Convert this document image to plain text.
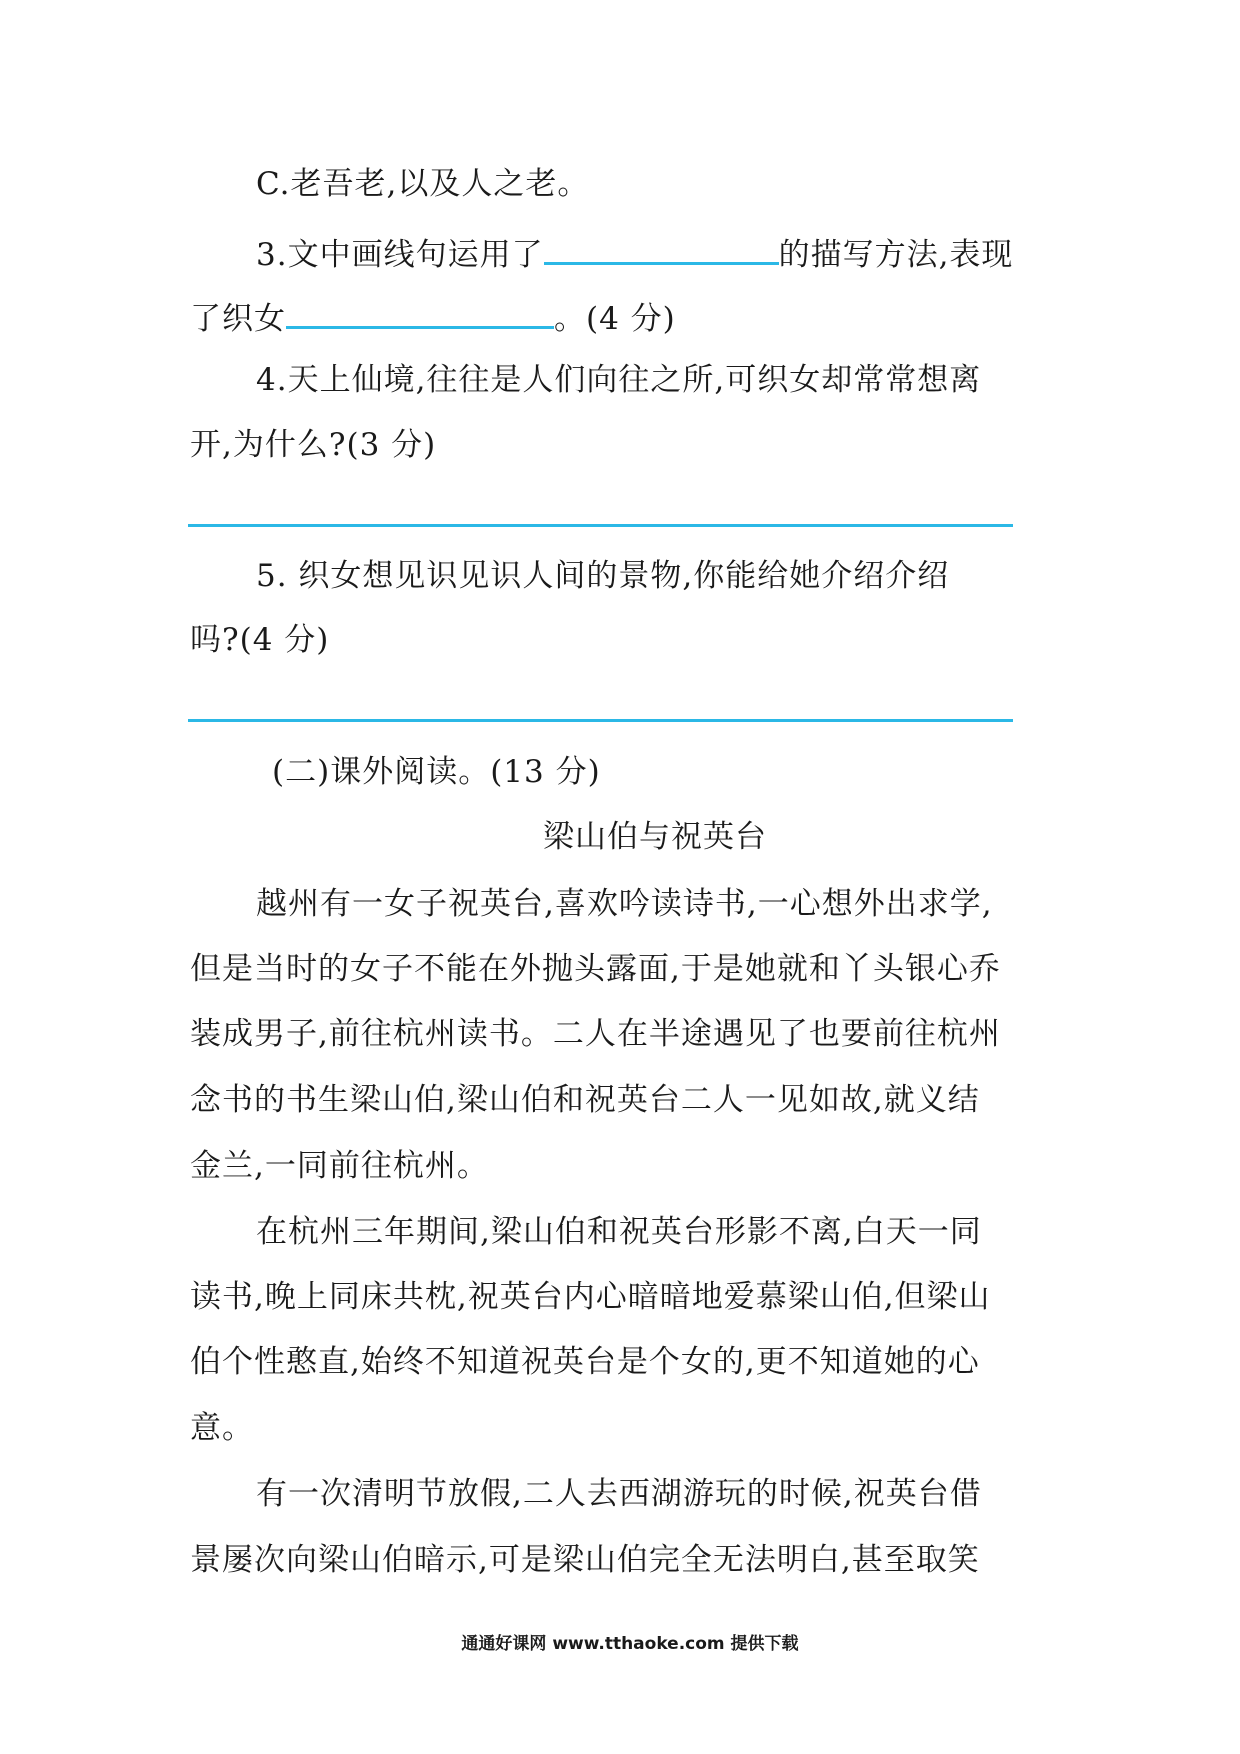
C.老吾老,以及人之老。
3.文中画线句运用了	的描写方法,表现
了织女	。(4 分)
4.天上仙境,往往是人们向往之所,可织女却常常想离
开,为什么?(3 分)
5. 织女想见识见识人间的景物,你能给她介绍介绍
吗?(4 分)
(二)课外阅读。(13 分)
梁山伯与祝英台
越州有一女子祝英台,喜欢吟读诗书,一心想外出求学,
但是当时的女子不能在外抛头露面,于是她就和丫头银心乔
装成男子,前往杭州读书。二人在半途遇见了也要前往杭州
念书的书生梁山伯,梁山伯和祝英台二人一见如故,就义结
金兰,一同前往杭州。
在杭州三年期间,梁山伯和祝英台形影不离,白天一同
读书,晚上同床共枕,祝英台内心暗暗地爱慕梁山伯,但梁山
伯个性憨直,始终不知道祝英台是个女的,更不知道她的心
意。
有一次清明节放假,二人去西湖游玩的时候,祝英台借
景屡次向梁山伯暗示,可是梁山伯完全无法明白,甚至取笑
通通好课网 www.tthaoke.com 提供下载
